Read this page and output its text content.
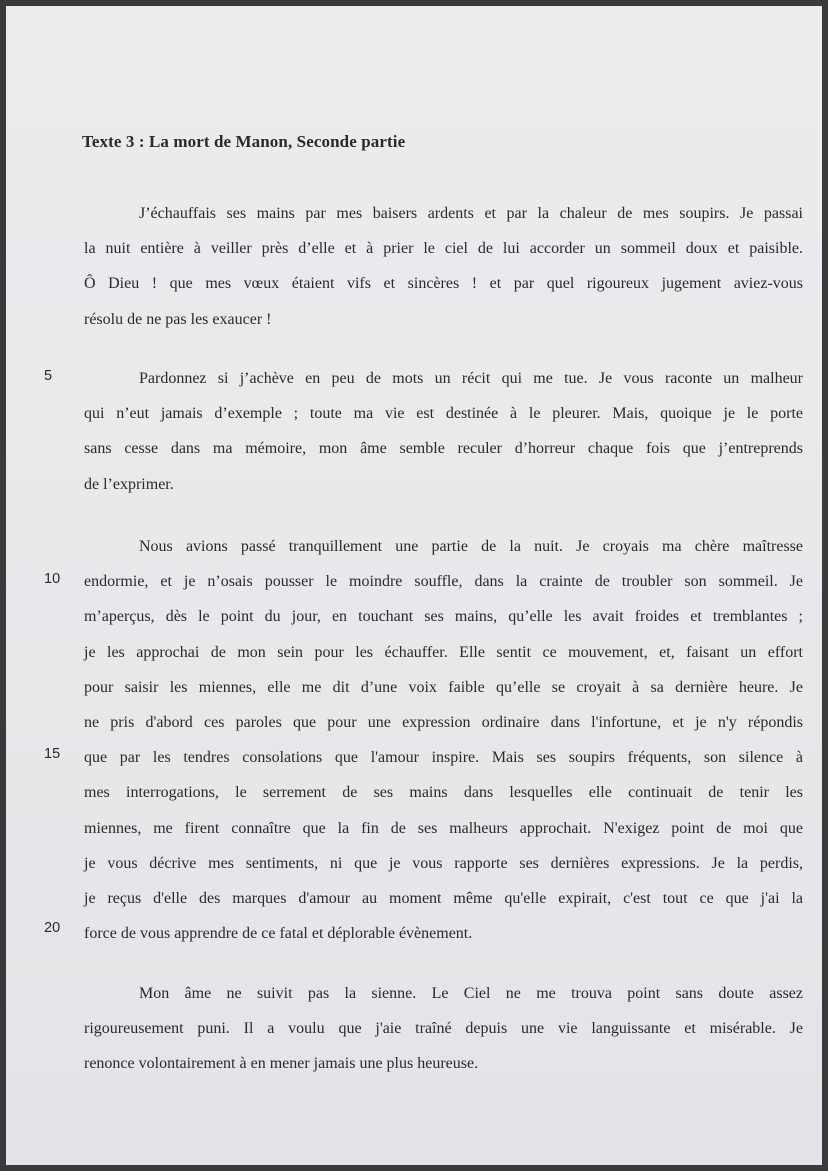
Texte 3 : La mort de Manon, Seconde partie
J’échauffais ses mains par mes baisers ardents et par la chaleur de mes soupirs. Je passai
la nuit entière à veiller près d’elle et à prier le ciel de lui accorder un sommeil doux et paisible.
Ô Dieu ! que mes vœux étaient vifs et sincères ! et par quel rigoureux jugement aviez-vous
résolu de ne pas les exaucer !
Pardonnez si j’achève en peu de mots un récit qui me tue. Je vous raconte un malheur
qui n’eut jamais d’exemple ; toute ma vie est destinée à le pleurer. Mais, quoique je le porte
sans cesse dans ma mémoire, mon âme semble reculer d’horreur chaque fois que j’entreprends
de l’exprimer.
Nous avions passé tranquillement une partie de la nuit. Je croyais ma chère maîtresse
endormie, et je n’osais pousser le moindre souffle, dans la crainte de troubler son sommeil. Je
m’aperçus, dès le point du jour, en touchant ses mains, qu’elle les avait froides et tremblantes ;
je les approchai de mon sein pour les échauffer. Elle sentit ce mouvement, et, faisant un effort
pour saisir les miennes, elle me dit d’une voix faible qu’elle se croyait à sa dernière heure. Je
ne pris d'abord ces paroles que pour une expression ordinaire dans l'infortune, et je n'y répondis
que par les tendres consolations que l'amour inspire. Mais ses soupirs fréquents, son silence à
mes interrogations, le serrement de ses mains dans lesquelles elle continuait de tenir les
miennes, me firent connaître que la fin de ses malheurs approchait. N'exigez point de moi que
je vous décrive mes sentiments, ni que je vous rapporte ses dernières expressions. Je la perdis,
je reçus d'elle des marques d'amour au moment même qu'elle expirait, c'est tout ce que j'ai la
force de vous apprendre de ce fatal et déplorable évènement.
Mon âme ne suivit pas la sienne. Le Ciel ne me trouva point sans doute assez
rigoureusement puni. Il a voulu que j'aie traîné depuis une vie languissante et misérable. Je
renonce volontairement à en mener jamais une plus heureuse.
5
10
15
20
